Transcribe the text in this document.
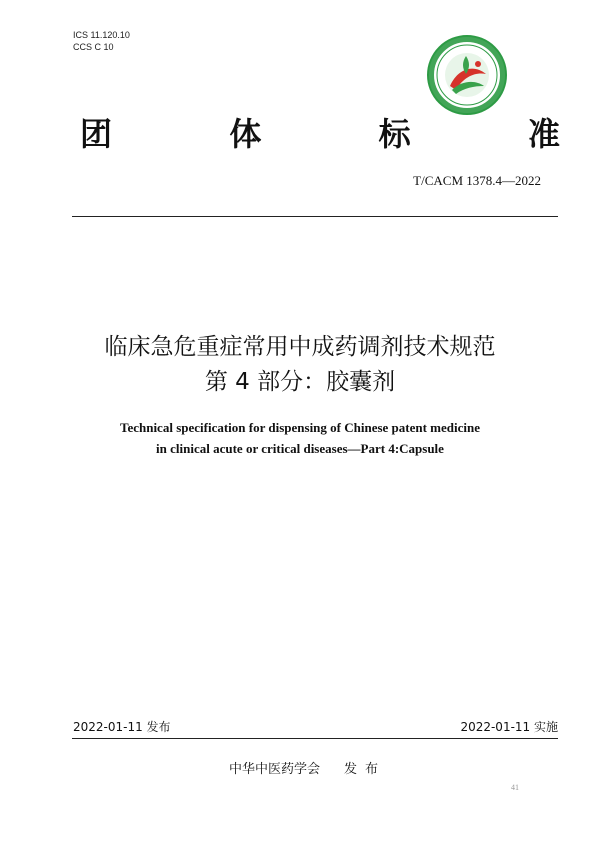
ICS 11.120.10
CCS C 10
团	体	标	准
T/CACM 1378.4—2022
临床急危重症常用中成药调剂技术规范
第 4 部分：胶囊剂
Technical specification for dispensing of Chinese patent medicine
in clinical acute or critical diseases—Part 4:Capsule
2022-01-11 发布	2022-01-11 实施
中华中医药学会 发布
41
